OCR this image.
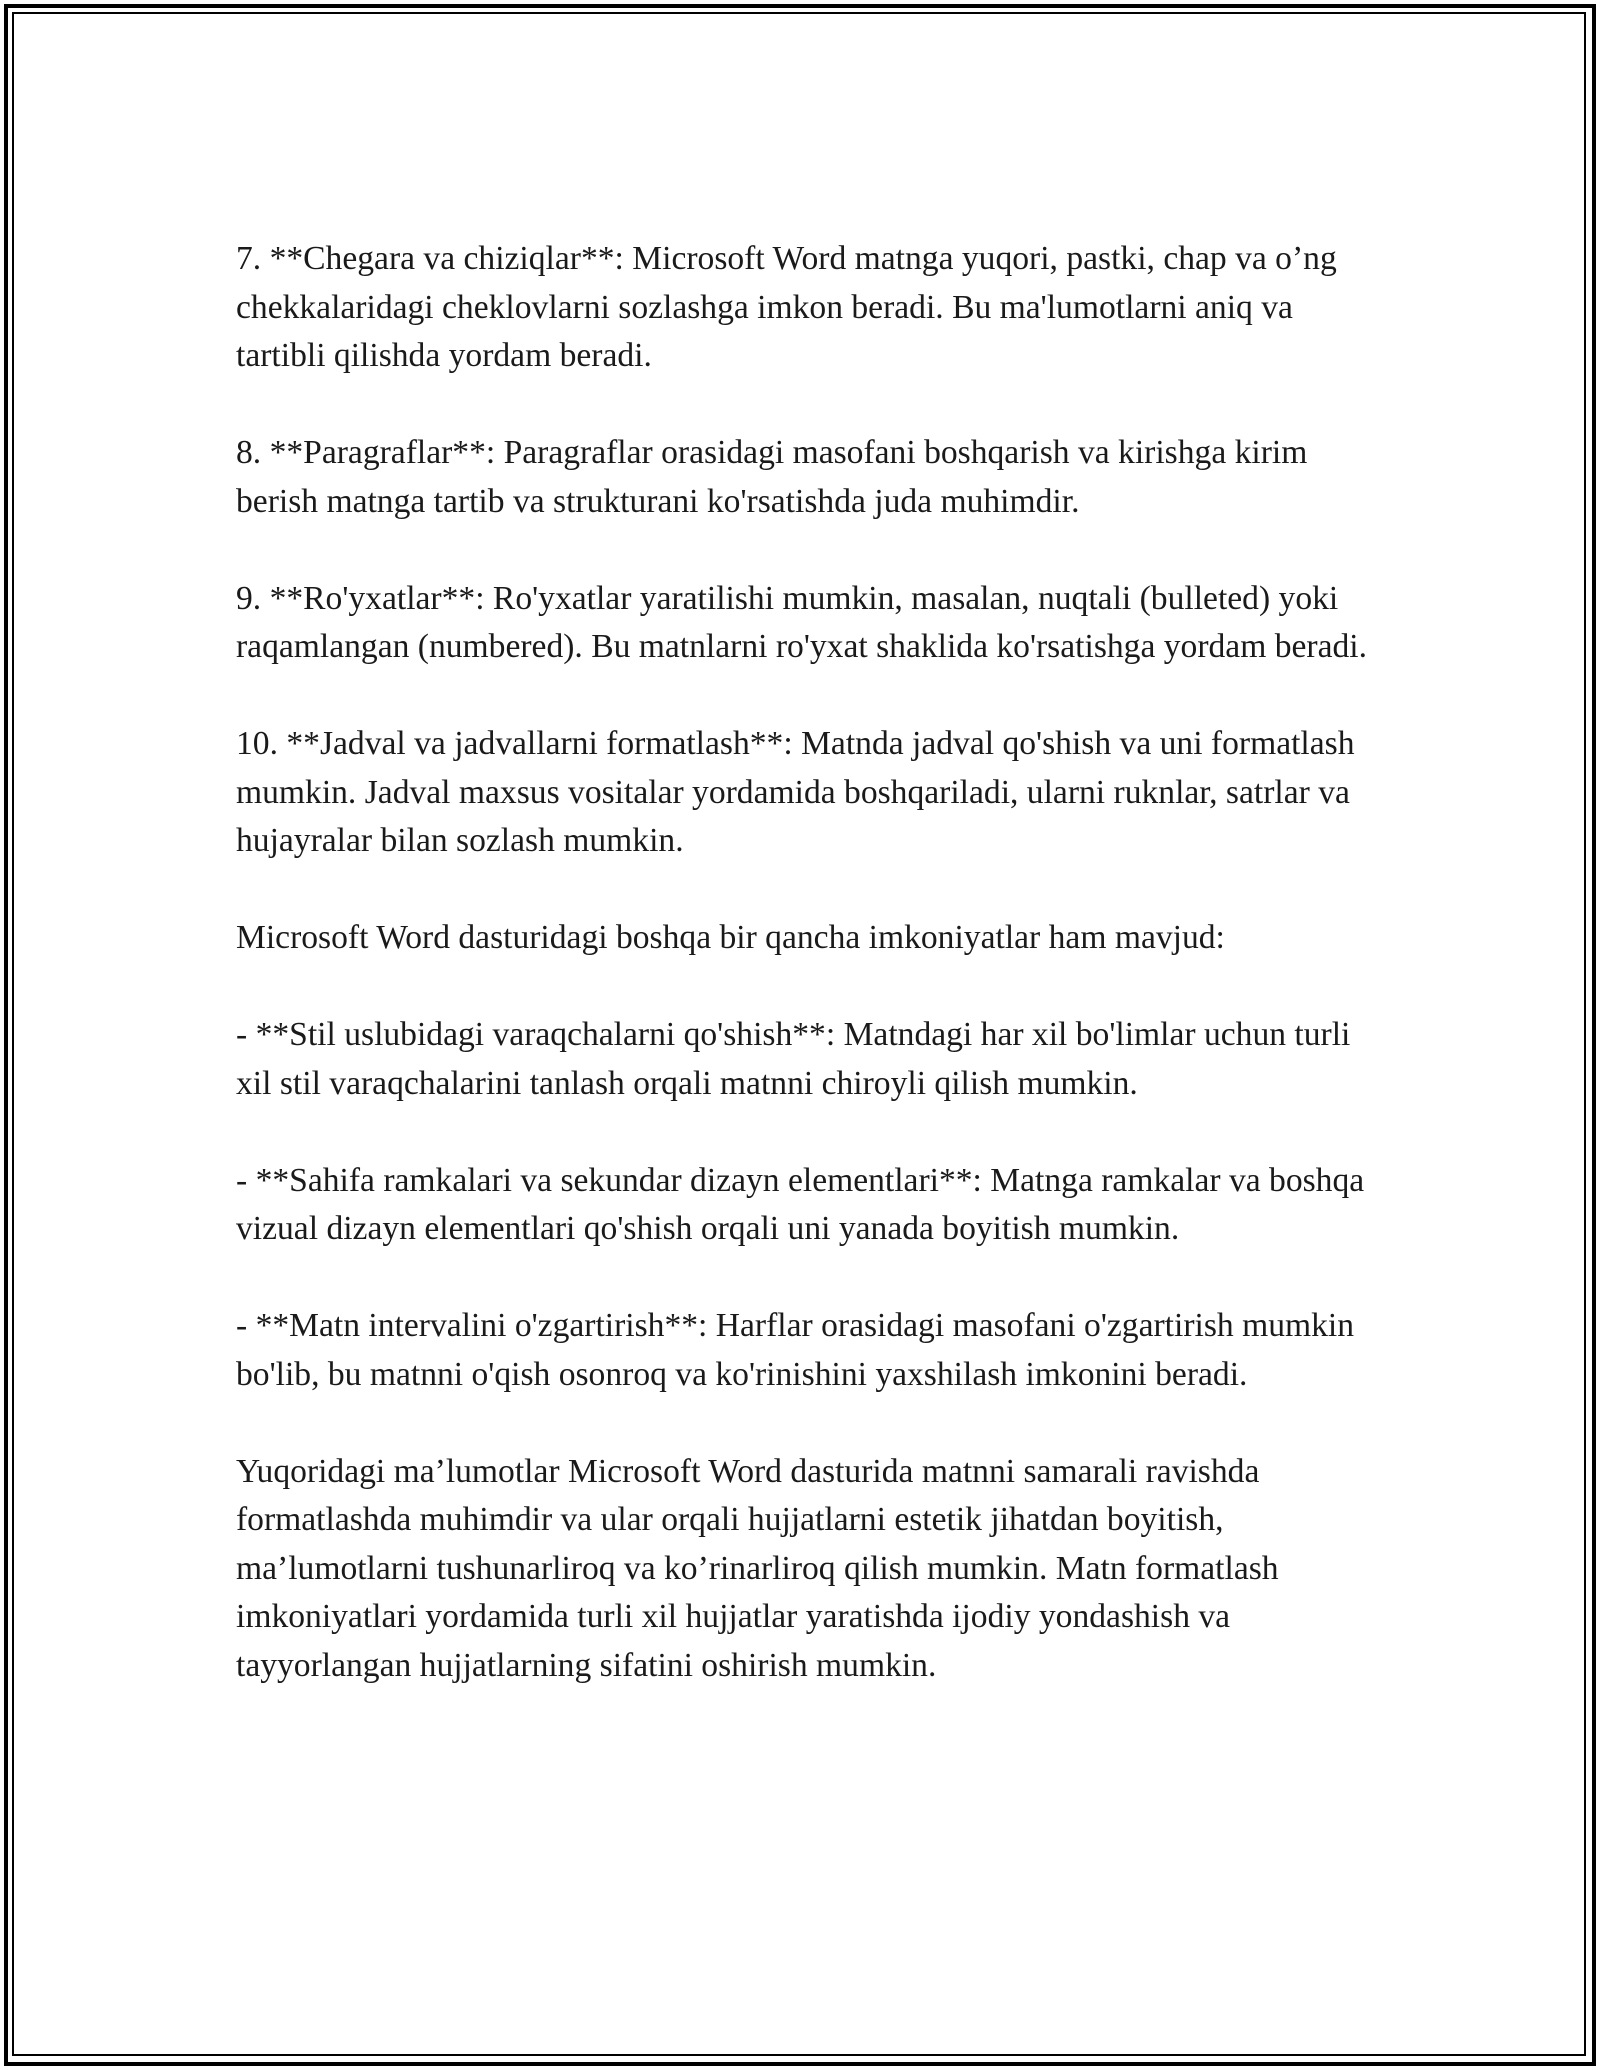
7. **Chegara va chiziqlar**: Microsoft Word matnga yuqori, pastki, chap va o’ng chekkalaridagi cheklovlarni sozlashga imkon beradi. Bu ma'lumotlarni aniq va tartibli qilishda yordam beradi.

8. **Paragraflar**: Paragraflar orasidagi masofani boshqarish va kirishga kirim berish matnga tartib va strukturani ko'rsatishda juda muhimdir.

9. **Ro'yxatlar**: Ro'yxatlar yaratilishi mumkin, masalan, nuqtali (bulleted) yoki raqamlangan (numbered). Bu matnlarni ro'yxat shaklida ko'rsatishga yordam beradi.

10. **Jadval va jadvallarni formatlash**: Matnda jadval qo'shish va uni formatlash mumkin. Jadval maxsus vositalar yordamida boshqariladi, ularni ruknlar, satrlar va hujayralar bilan sozlash mumkin.

Microsoft Word dasturidagi boshqa bir qancha imkoniyatlar ham mavjud:

- **Stil uslubidagi varaqchalarni qo'shish**: Matndagi har xil bo'limlar uchun turli xil stil varaqchalarini tanlash orqali matnni chiroyli qilish mumkin.

- **Sahifa ramkalari va sekundar dizayn elementlari**: Matnga ramkalar va boshqa vizual dizayn elementlari qo'shish orqali uni yanada boyitish mumkin.

- **Matn intervalini o'zgartirish**: Harflar orasidagi masofani o'zgartirish mumkin bo'lib, bu matnni o'qish osonroq va ko'rinishini yaxshilash imkonini beradi.

Yuqoridagi ma’lumotlar Microsoft Word dasturida matnni samarali ravishda formatlashda muhimdir va ular orqali hujjatlarni estetik jihatdan boyitish, ma’lumotlarni tushunarliroq va ko’rinarliroq qilish mumkin. Matn formatlash imkoniyatlari yordamida turli xil hujjatlar yaratishda ijodiy yondashish va tayyorlangan hujjatlarning sifatini oshirish mumkin.
